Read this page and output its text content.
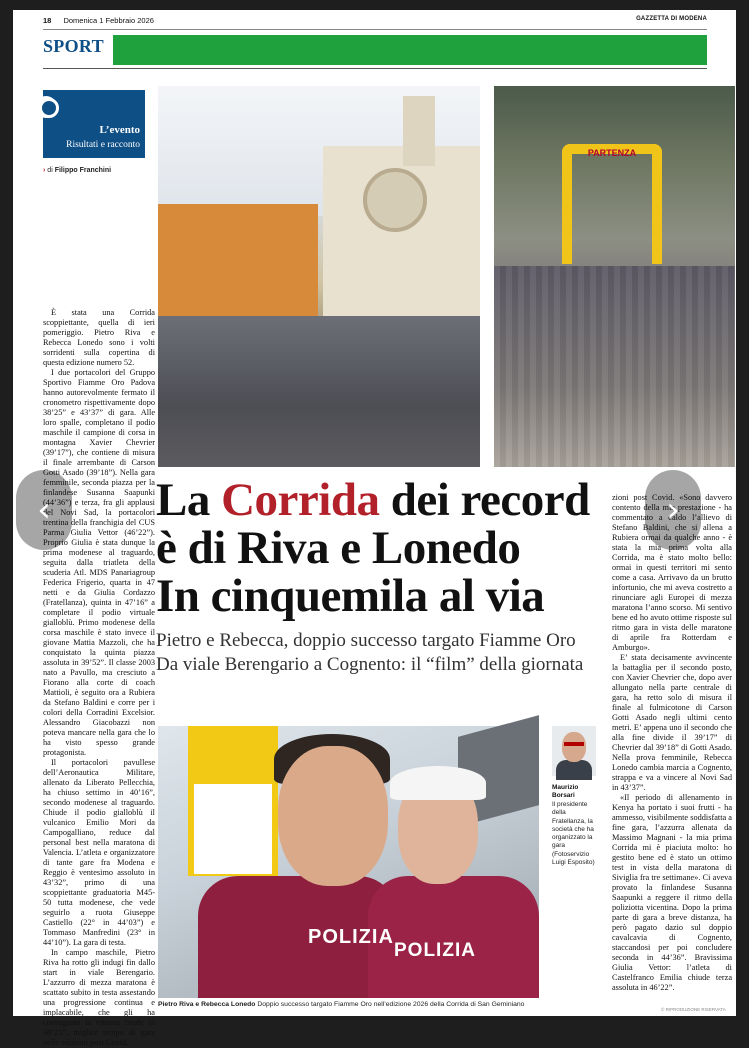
18 Domenica 1 Febbraio 2026	GAZZETTA DI MODENA
SPORT
L’evento
Risultati e racconto
› di Filippo Franchini
PARTENZA

È stata una Corrida scoppiettante, quella di ieri pomeriggio. Pietro Riva e Rebecca Lonedo sono i volti sorridenti sulla copertina di questa edizione numero 52.

I due portacolori del Gruppo Sportivo Fiamme Oro Padova hanno autorevolmente fermato il cronometro rispettivamente dopo 38’25” e 43’37” di gara. Alle loro spalle, completano il podio maschile il campione di corsa in montagna Xavier Chevrier (39’17”), che contiene di misura il finale arrembante di Carson Gotti Asado (39’18”). Nella gara femminile, seconda piazza per la finlandese Susanna Saapunki (44’36”) e terza, fra gli applausi del Novi Sad, la portacolori trentina della franchigia del CUS Parma Giulia Vettor (46’22”). Proprio Giulia è stata dunque la prima modenese al traguardo, seguita dalla triatleta della scuderia Atl. MDS Panariagroup Federica Frigerio, quarta in 47 netti e da Giulia Cordazzo (Fratellanza), quinta in 47’16” a completare il podio virtuale gialloblù. Primo modenese della corsa maschile è stato invece il giovane Mattia Mazzoli, che ha conquistato la quinta piazza assoluta in 39’52”. Il classe 2003 nato a Pavullo, ma cresciuto a Fiorano alla corte di coach Mattioli, è seguito ora a Rubiera da Stefano Baldini e corre per i colori della Corradini Excelsior. Alessandro Giacobazzi non poteva mancare nella gara che lo ha visto spesso grande protagonista.

Il portacolori pavullese dell’Aeronautica Militare, allenato da Liberato Pellecchia, ha chiuso settimo in 40’16”, secondo modenese al traguardo. Chiude il podio gialloblù il vulcanico Emilio Mori da Campogalliano, reduce dal personal best nella maratona di Valencia. L’atleta e organizzatore di tante gare fra Modena e Reggio è ventesimo assoluto in 43’32”, primo di una scoppiettante graduatoria M45-50 tutta modenese, che vede seguirlo a ruota Giuseppe Castiello (22° in 44’03”) e Tommaso Manfredini (23° in 44’10”). La gara di testa.

In campo maschile, Pietro Riva ha rotto gli indugi fin dallo start in viale Berengario. L’azzurro di mezza maratona è scattato subito in testa assestando una progressione continua e implacabile, che gli ha consegnato la vittoria finale in 38’25”, miglior tempo di gara nelle edizioni post Covid.

La Corrida dei record
è di Riva e Lonedo
In cinquemila al via
Pietro e Rebecca, doppio successo targato Fiamme Oro
Da viale Berengario a Cognento: il “film” della giornata

zioni post Covid. «Sono davvero contento della mia prestazione - ha commentato a caldo l’allievo di Stefano Baldini, che si allena a Rubiera ormai da qualche anno - è stata la mia prima volta alla Corrida, ma è stato molto bello: ormai in questi territori mi sento come a casa. Arrivavo da un brutto infortunio, che mi aveva costretto a rinunciare agli Europei di mezza maratona l’anno scorso. Mi sentivo bene ed ho avuto ottime risposte sul ritmo gara in vista delle maratone di aprile fra Rotterdam e Amburgo».

E’ stata decisamente avvincente la battaglia per il secondo posto, con Xavier Chevrier che, dopo aver allungato nella parte centrale di gara, ha retto solo di misura il finale al fulmicotone di Carson Gotti Asado negli ultimi cento metri. E’ appena uno il secondo che alla fine divide il 39’17” di Chevrier dal 39’18” di Gotti Asado. Nella prova femminile, Rebecca Lonedo cambia marcia a Cognento, strappa e va a vincere al Novi Sad in 43’37”.

«Il periodo di allenamento in Kenya ha portato i suoi frutti - ha ammesso, visibilmente soddisfatta a fine gara, l’azzurra allenata da Massimo Magnani - la mia prima Corrida mi è piaciuta molto: ho gestito bene ed è stato un ottimo test in vista della maratona di Siviglia fra tre settimane». Ci aveva provato la finlandese Susanna Saapunki a reggere il ritmo della poliziotta vicentina. Dopo la prima parte di gara a breve distanza, ha però pagato dazio sul doppio cavalcavia di Cognento, staccandosi per poi concludere seconda in 44’36”. Bravissima Giulia Vettor: l’atleta di Castelfranco Emilia chiude terza assoluta in 46’22”.

POLIZIA
POLIZIA
Pietro Riva e Rebecca Lonedo Doppio successo targato Fiamme Oro nell’edizione 2026 della Corrida di San Geminiano
Maurizio Borsari
Il presidente della Fratellanza, la società che ha organizzato la gara (Fotoservizio Luigi Esposito)
© RIPRODUZIONE RISERVATA
‹	›
